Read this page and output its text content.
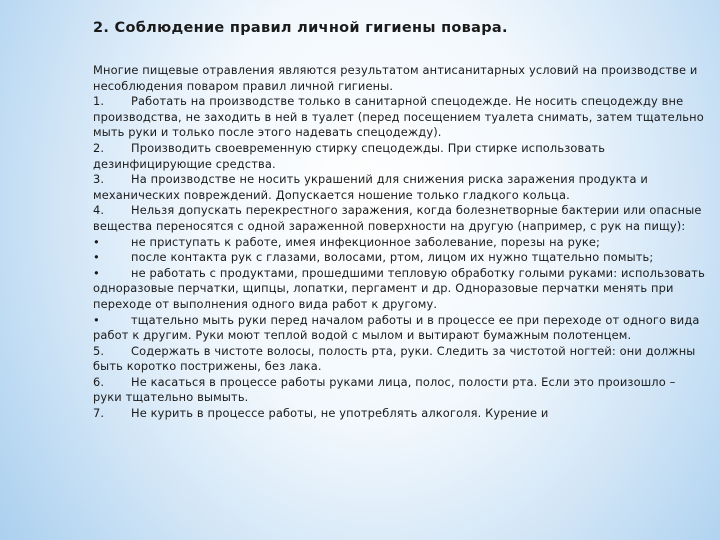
2. Соблюдение правил личной гигиены повара.

Многие пищевые отравления являются результатом антисанитарных условий на производстве и несоблюдения поваром правил личной гигиены.

1. Работать на производстве только в санитарной спецодежде. Не носить спецодежду вне производства, не заходить в ней в туалет (перед посещением туалета снимать, затем тщательно мыть руки и только после этого надевать спецодежду).

2. Производить своевременную стирку спецодежды. При стирке использовать дезинфицирующие средства.

3. На производстве не носить украшений для снижения риска заражения продукта и механических повреждений. Допускается ношение только гладкого кольца.

4. Нельзя допускать перекрестного заражения, когда болезнетворные бактерии или опасные вещества переносятся с одной зараженной поверхности на другую (например, с рук на пищу):

•	не приступать к работе, имея инфекционное заболевание, порезы на руке;

•	после контакта рук с глазами, волосами, ртом, лицом их нужно тщательно помыть;

•	не работать с продуктами, прошедшими тепловую обработку голыми руками: использовать одноразовые перчатки, щипцы, лопатки, пергамент и др. Одноразовые перчатки менять при переходе от выполнения одного вида работ к другому.

•	тщательно мыть руки перед началом работы и в процессе ее при переходе от одного вида работ к другим. Руки моют теплой водой с мылом и вытирают бумажным полотенцем.

5. Содержать в чистоте волосы, полость рта, руки. Следить за чистотой ногтей: они должны быть коротко пострижены, без лака.

6. Не касаться в процессе работы руками лица, полос, полости рта. Если это произошло – руки тщательно вымыть.

7. Не курить в процессе работы, не употреблять алкоголя. Курение и
